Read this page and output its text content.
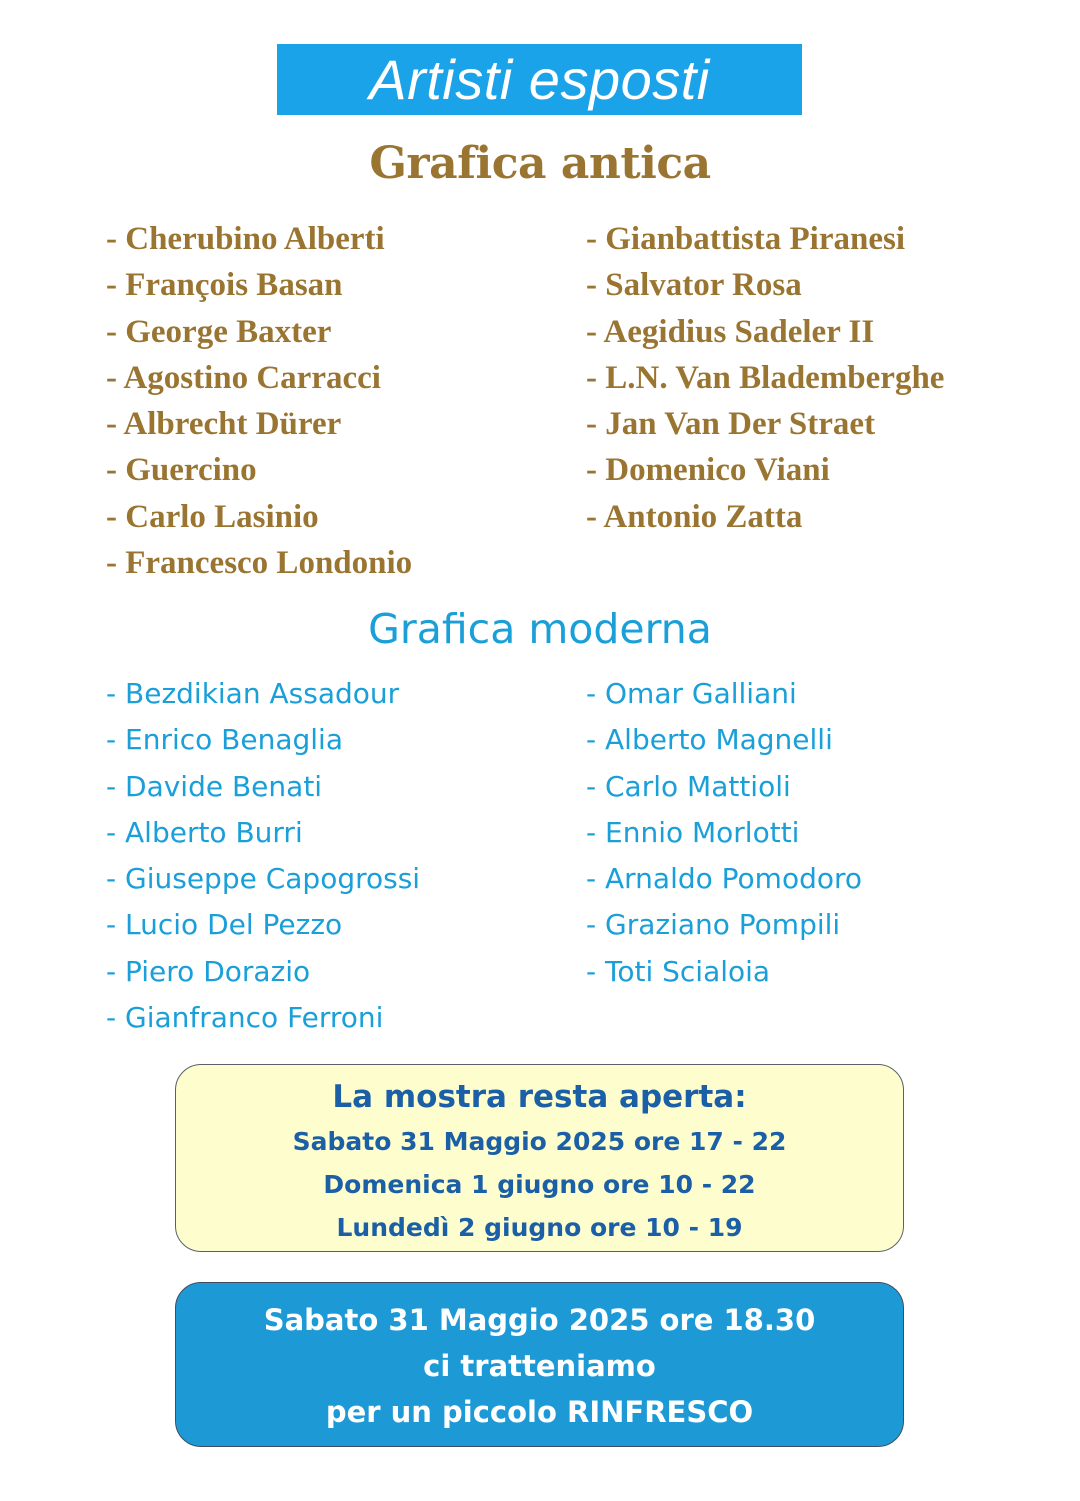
Artisti esposti
Grafica antica
- Cherubino Alberti
- François Basan
- George Baxter
- Agostino Carracci
- Albrecht Dürer
- Guercino
- Carlo Lasinio
- Francesco Londonio
- Gianbattista Piranesi
- Salvator Rosa
- Aegidius Sadeler II
- L.N. Van Blademberghe
- Jan Van Der Straet
- Domenico Viani
- Antonio Zatta
Grafica moderna
- Bezdikian Assadour
- Enrico Benaglia
- Davide Benati
- Alberto Burri
- Giuseppe Capogrossi
- Lucio Del Pezzo
- Piero Dorazio
- Gianfranco Ferroni
- Omar Galliani
- Alberto Magnelli
- Carlo Mattioli
- Ennio Morlotti
- Arnaldo Pomodoro
- Graziano Pompili
- Toti Scialoia
La mostra resta aperta:
Sabato 31 Maggio 2025 ore 17 - 22
Domenica 1 giugno ore 10 - 22
Lundedì 2 giugno ore 10 - 19
Sabato 31 Maggio 2025 ore 18.30
ci tratteniamo
per un piccolo RINFRESCO
